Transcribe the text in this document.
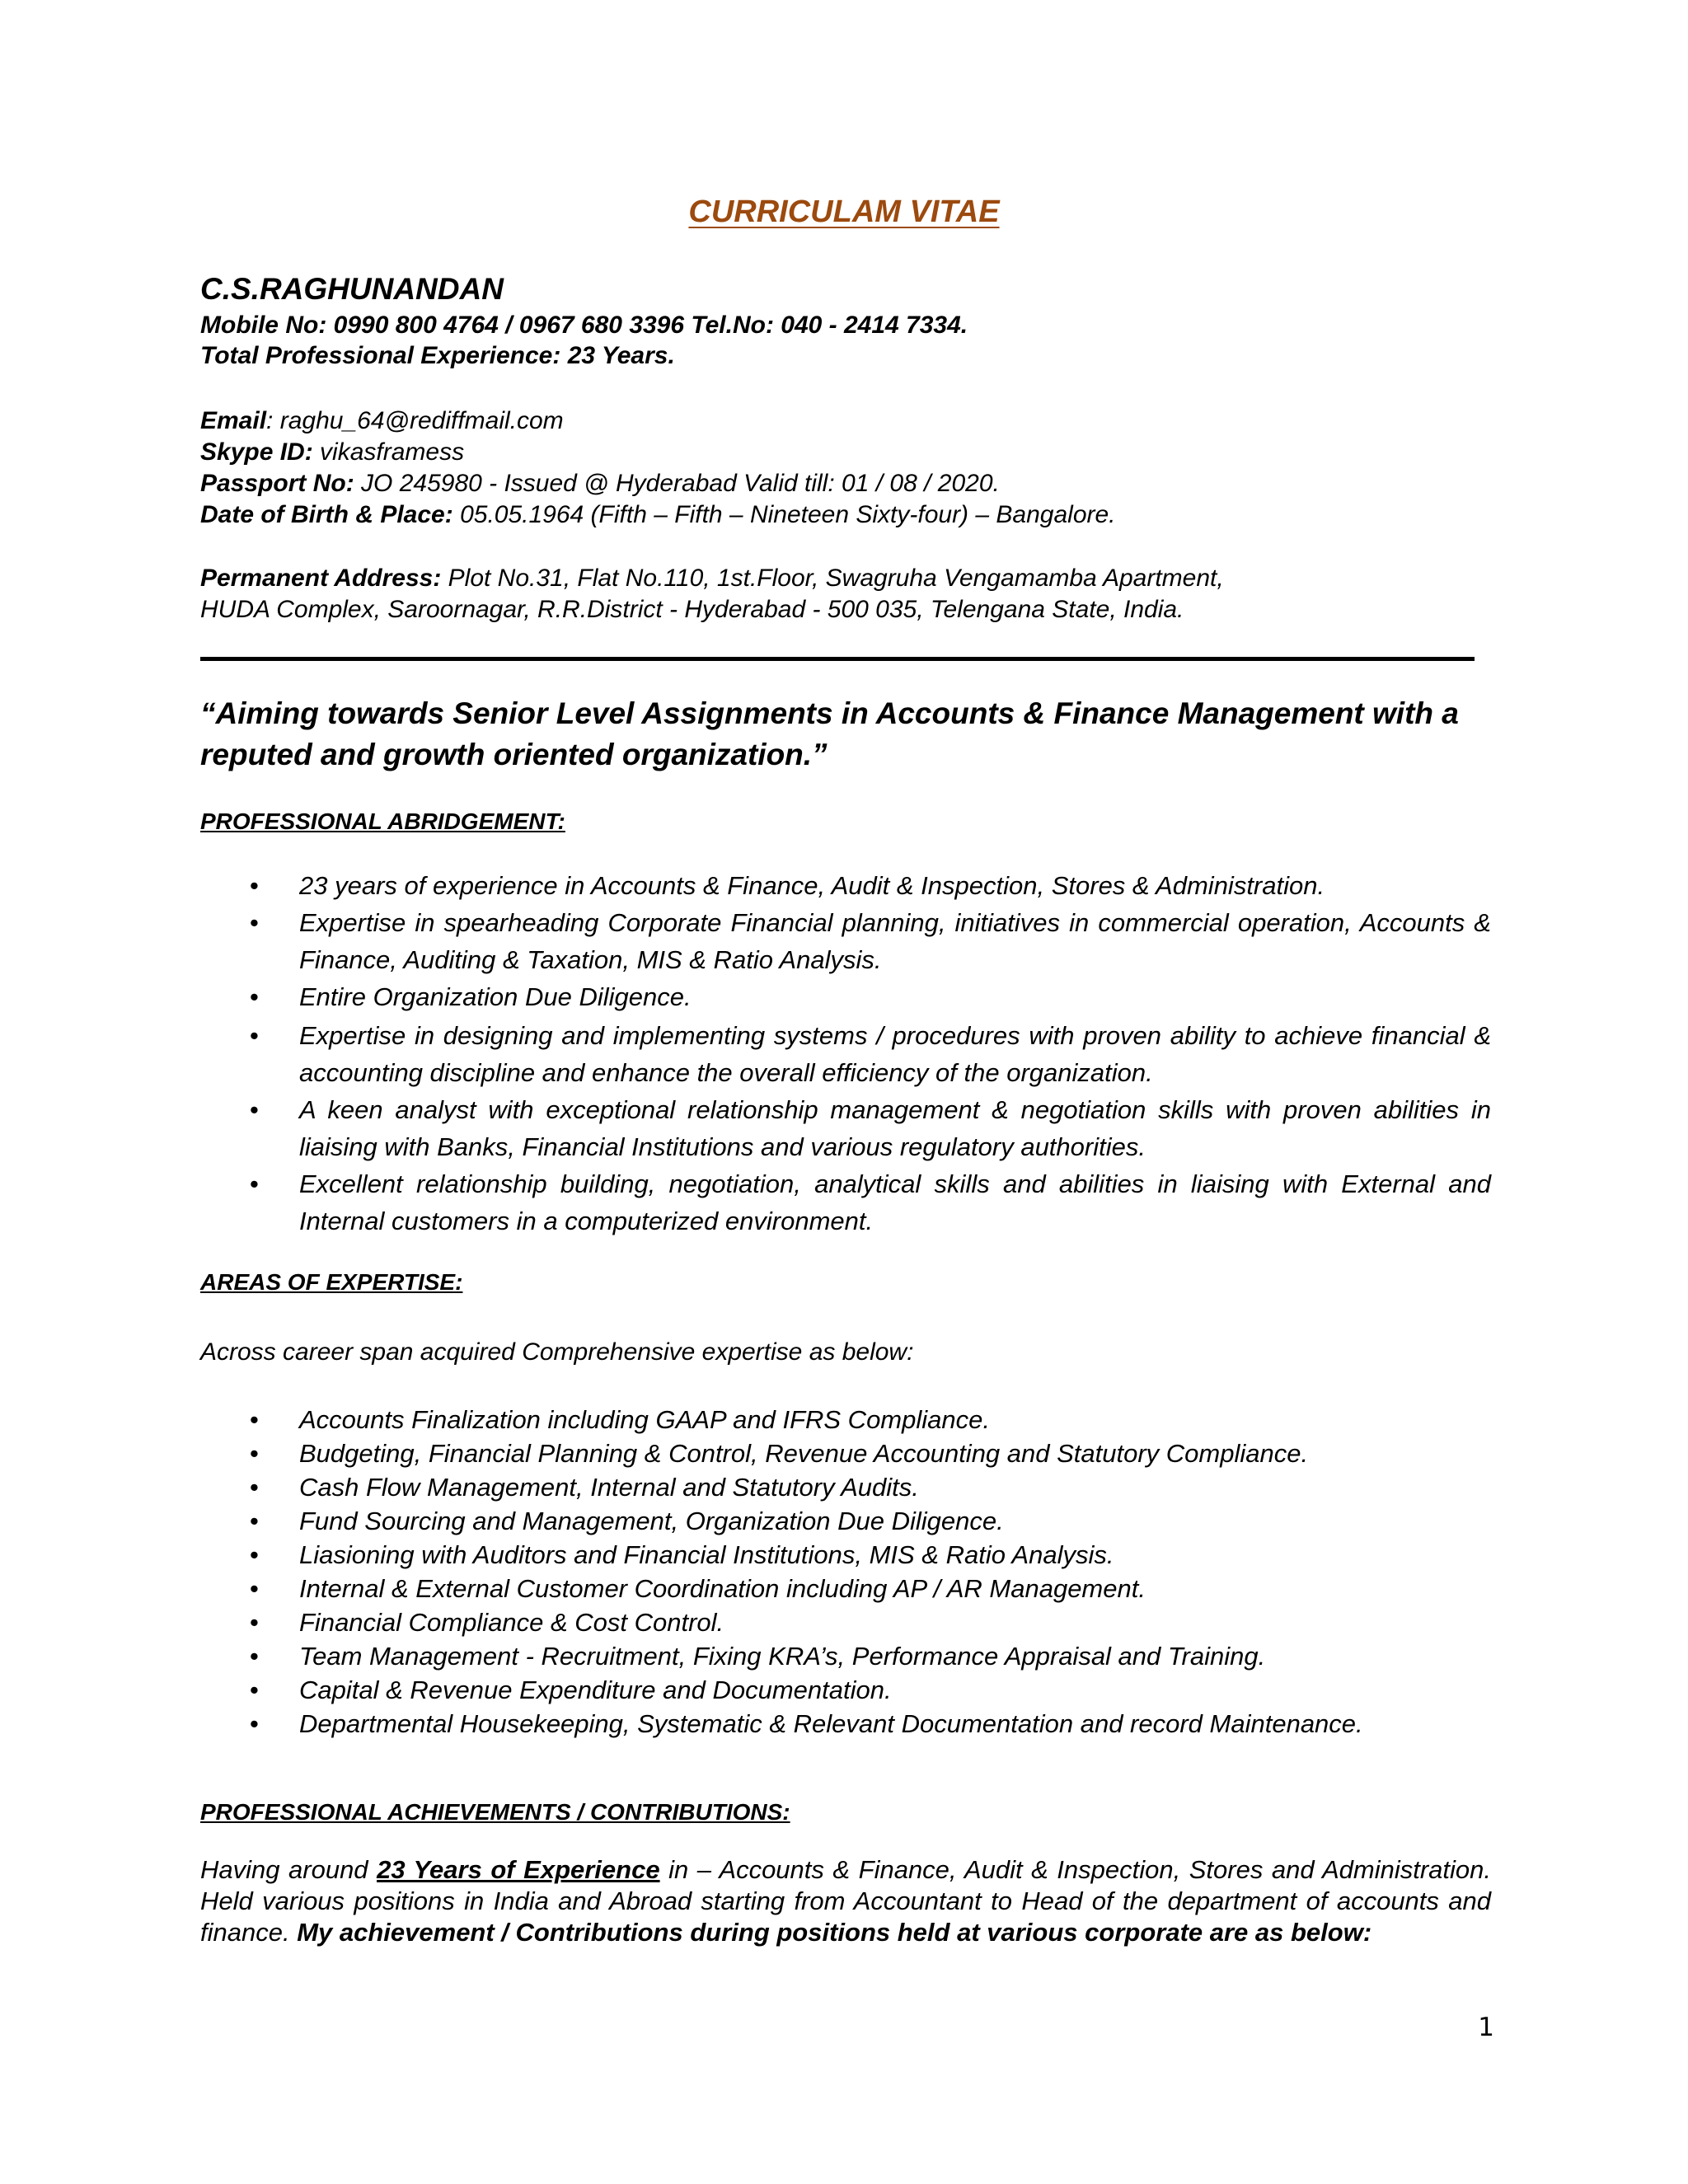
CURRICULAM VITAE
C.S.RAGHUNANDAN
Mobile No: 0990 800 4764 / 0967 680 3396 Tel.No: 040 - 2414 7334.
Total Professional Experience: 23 Years.
Email: raghu_64@rediffmail.com
Skype ID: vikasframess
Passport No: JO 245980 - Issued @ Hyderabad Valid till: 01 / 08 / 2020.
Date of Birth & Place: 05.05.1964 (Fifth – Fifth – Nineteen Sixty-four) – Bangalore.
Permanent Address: Plot No.31, Flat No.110, 1st.Floor, Swagruha Vengamamba Apartment,
HUDA Complex, Saroornagar, R.R.District - Hyderabad - 500 035, Telengana State, India.
“Aiming towards Senior Level Assignments in Accounts & Finance Management with a
reputed and growth oriented organization.”
PROFESSIONAL ABRIDGEMENT:
• 23 years of experience in Accounts & Finance, Audit & Inspection, Stores & Administration.
• Expertise in spearheading Corporate Financial planning, initiatives in commercial operation, Accounts & Finance, Auditing & Taxation, MIS & Ratio Analysis.
• Entire Organization Due Diligence.
• Expertise in designing and implementing systems / procedures with proven ability to achieve financial & accounting discipline and enhance the overall efficiency of the organization.
• A keen analyst with exceptional relationship management & negotiation skills with proven abilities in liaising with Banks, Financial Institutions and various regulatory authorities.
• Excellent relationship building, negotiation, analytical skills and abilities in liaising with External and Internal customers in a computerized environment.
AREAS OF EXPERTISE:
Across career span acquired Comprehensive expertise as below:
• Accounts Finalization including GAAP and IFRS Compliance.
• Budgeting, Financial Planning & Control, Revenue Accounting and Statutory Compliance.
• Cash Flow Management, Internal and Statutory Audits.
• Fund Sourcing and Management, Organization Due Diligence.
• Liasioning with Auditors and Financial Institutions, MIS & Ratio Analysis.
• Internal & External Customer Coordination including AP / AR Management.
• Financial Compliance & Cost Control.
• Team Management - Recruitment, Fixing KRA’s, Performance Appraisal and Training.
• Capital & Revenue Expenditure and Documentation.
• Departmental Housekeeping, Systematic & Relevant Documentation and record Maintenance.
PROFESSIONAL ACHIEVEMENTS / CONTRIBUTIONS:
Having around 23 Years of Experience in – Accounts & Finance, Audit & Inspection, Stores and Administration. Held various positions in India and Abroad starting from Accountant to Head of the department of accounts and finance. My achievement / Contributions during positions held at various corporate are as below:
1
